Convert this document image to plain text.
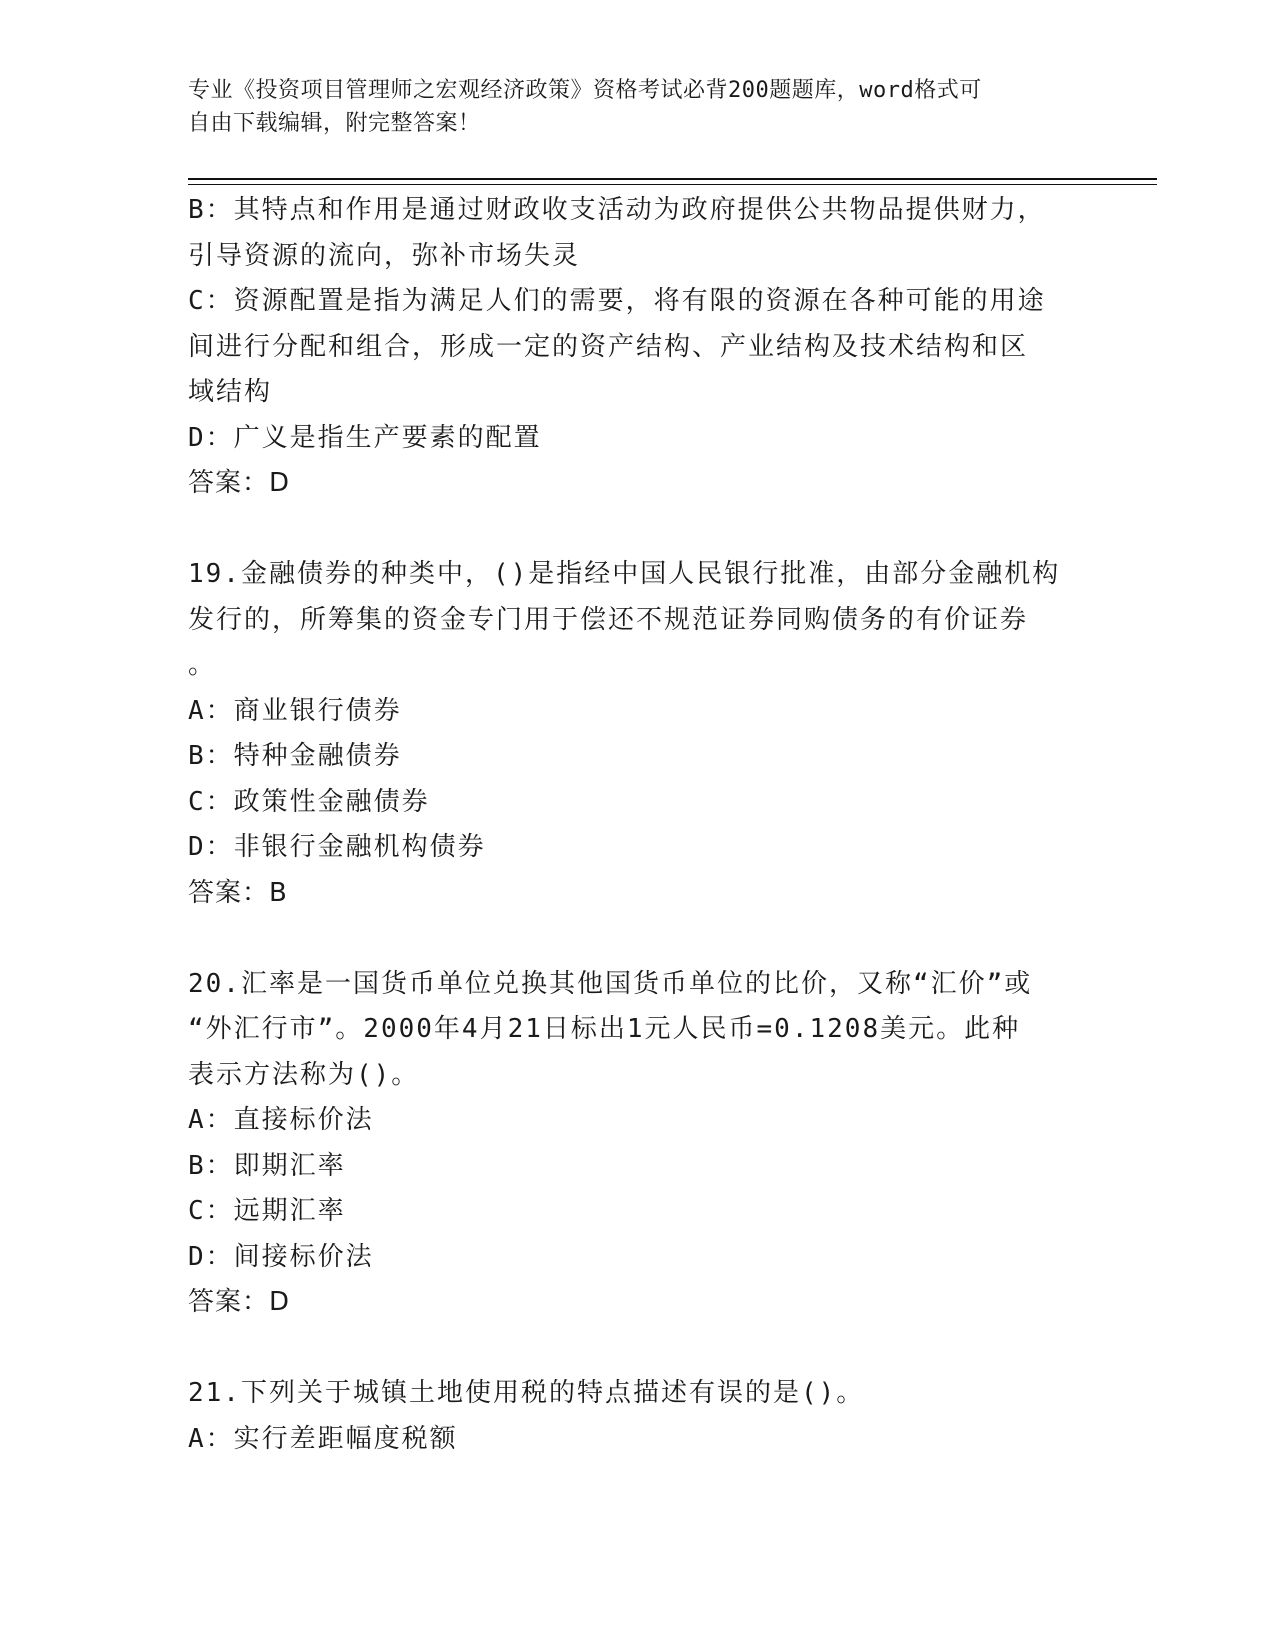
专业《投资项目管理师之宏观经济政策》资格考试必背200题题库，word格式可
自由下载编辑，附完整答案！
B：其特点和作用是通过财政收支活动为政府提供公共物品提供财力，
引导资源的流向，弥补市场失灵
C：资源配置是指为满足人们的需要，将有限的资源在各种可能的用途
间进行分配和组合，形成一定的资产结构、产业结构及技术结构和区
域结构
D：广义是指生产要素的配置
答案：D
19.金融债券的种类中，()是指经中国人民银行批准，由部分金融机构
发行的，所筹集的资金专门用于偿还不规范证券同购债务的有价证券
。
A：商业银行债券
B：特种金融债券
C：政策性金融债券
D：非银行金融机构债券
答案：B
20.汇率是一国货币单位兑换其他国货币单位的比价，又称“汇价”或
“外汇行市”。2000年4月21日标出1元人民币=0.1208美元。此种
表示方法称为()。
A：直接标价法
B：即期汇率
C：远期汇率
D：间接标价法
答案：D
21.下列关于城镇土地使用税的特点描述有误的是()。
A：实行差距幅度税额
